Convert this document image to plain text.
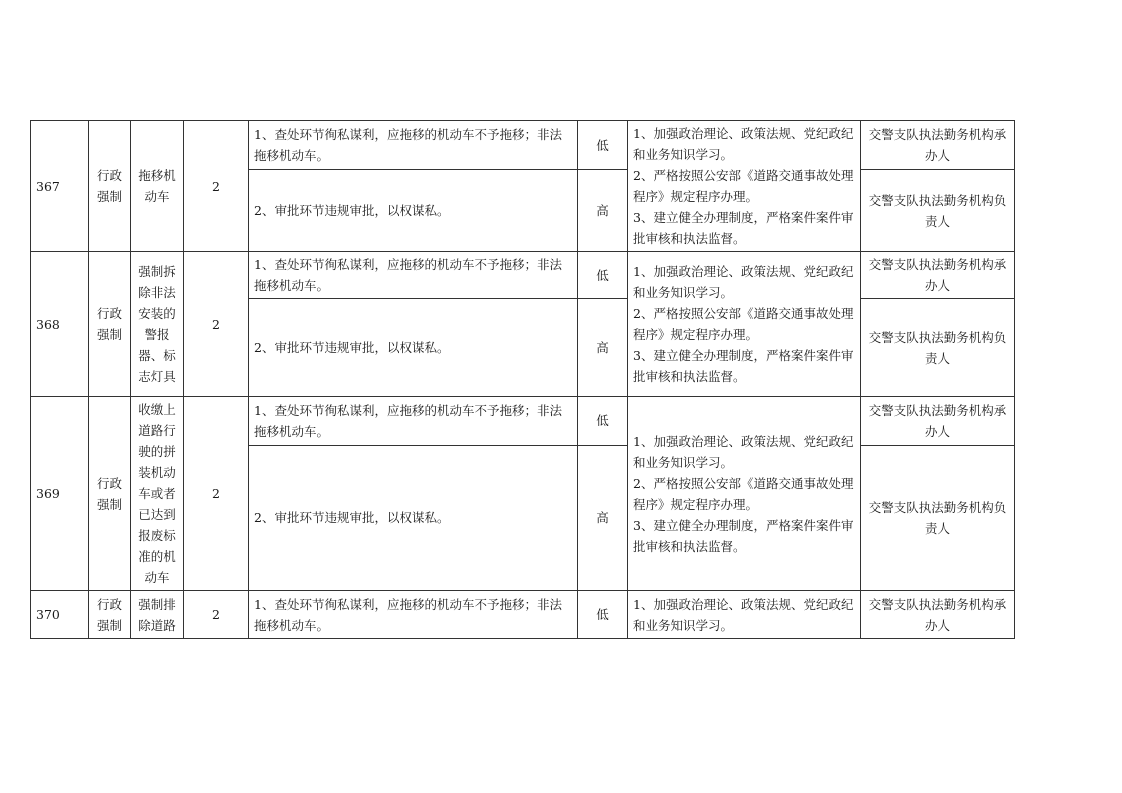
367	行政强制	拖移机动车	2	1、查处环节徇私谋利，应拖移的机动车不予拖移；非法拖移机动车。	低	1、加强政治理论、政策法规、党纪政纪和业务知识学习。
2、严格按照公安部《道路交通事故处理程序》规定程序办理。
3、建立健全办理制度，严格案件案件审批审核和执法监督。	交警支队执法勤务机构承办人
				2、审批环节违规审批，以权谋私。	高		交警支队执法勤务机构负责人
368	行政强制	强制拆除非法安装的警报器、标志灯具	2	1、查处环节徇私谋利，应拖移的机动车不予拖移；非法拖移机动车。	低	1、加强政治理论、政策法规、党纪政纪和业务知识学习。
2、严格按照公安部《道路交通事故处理程序》规定程序办理。
3、建立健全办理制度，严格案件案件审批审核和执法监督。	交警支队执法勤务机构承办人
				2、审批环节违规审批，以权谋私。	高		交警支队执法勤务机构负责人
369	行政强制	收缴上道路行驶的拼装机动车或者已达到报废标准的机动车	2	1、查处环节徇私谋利，应拖移的机动车不予拖移；非法拖移机动车。	低	1、加强政治理论、政策法规、党纪政纪和业务知识学习。
2、严格按照公安部《道路交通事故处理程序》规定程序办理。
3、建立健全办理制度，严格案件案件审批审核和执法监督。	交警支队执法勤务机构承办人
				2、审批环节违规审批，以权谋私。	高		交警支队执法勤务机构负责人
370	行政强制	强制排除道路	2	1、查处环节徇私谋利，应拖移的机动车不予拖移；非法拖移机动车。	低	1、加强政治理论、政策法规、党纪政纪和业务知识学习。	交警支队执法勤务机构承办人
